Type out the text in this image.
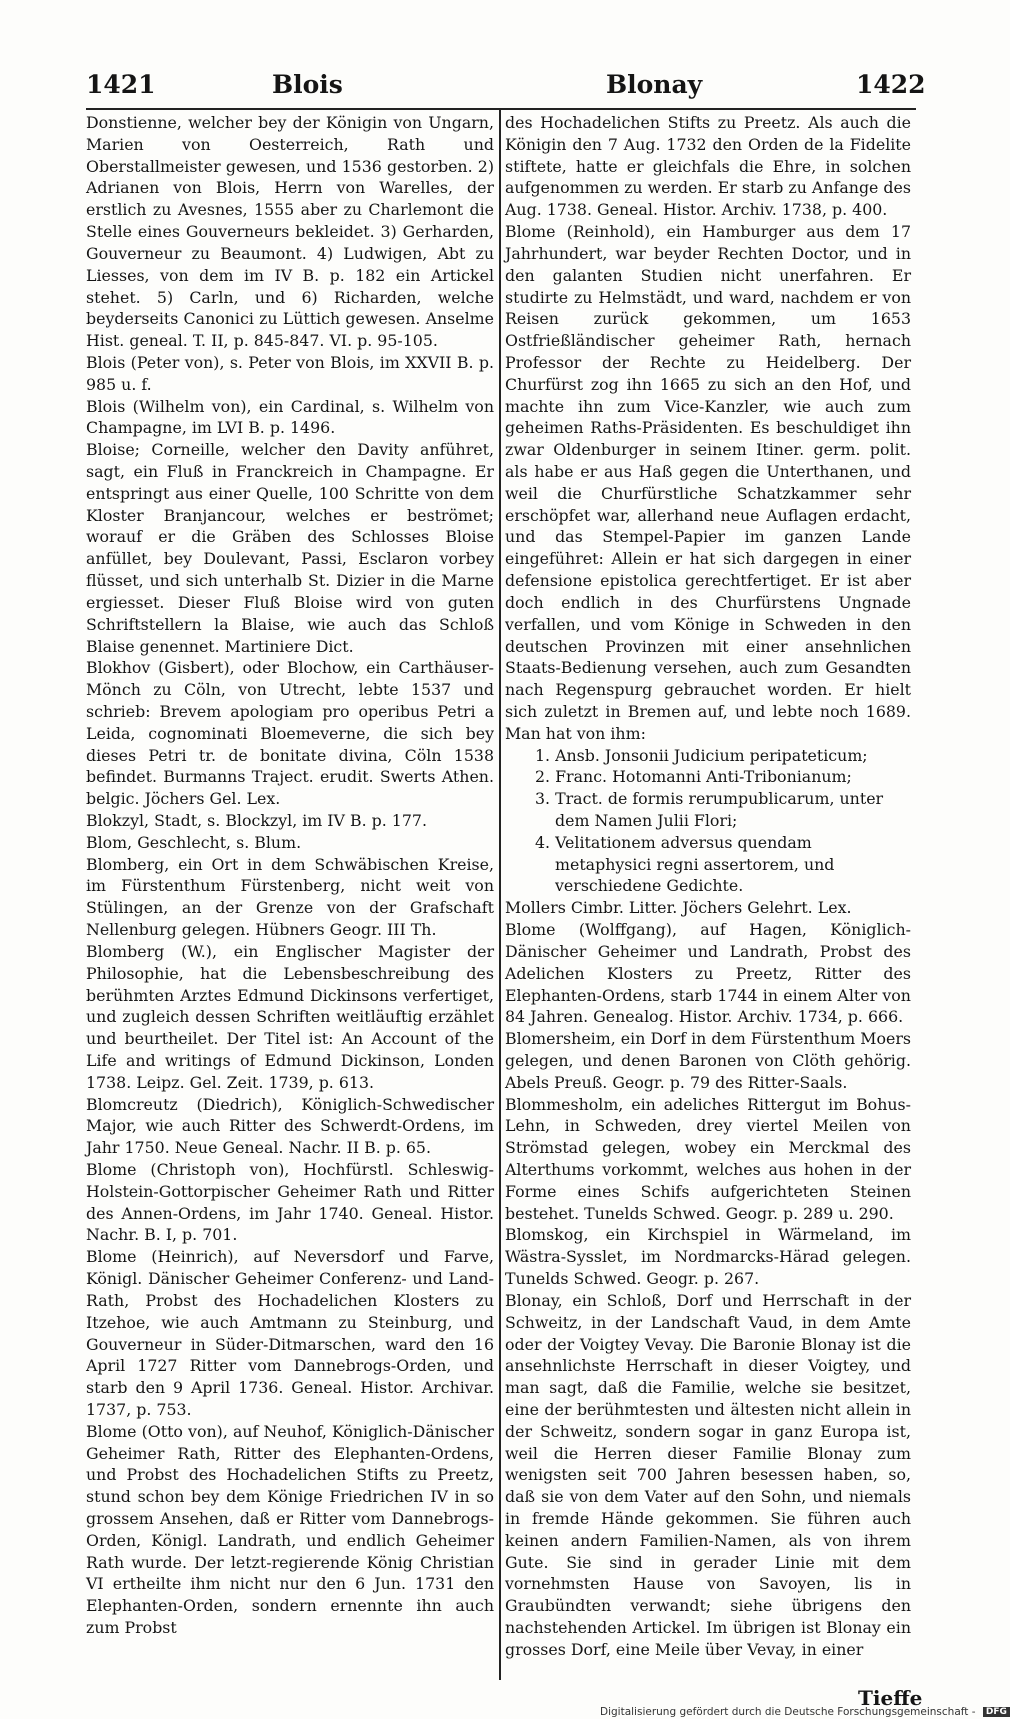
1421	Blois	Blonay	1422

Donstienne, welcher bey der Königin von Ungarn, Marien von Oesterreich, Rath und Oberstallmeister gewesen, und 1536 gestorben. 2) Adrianen von Blois, Herrn von Warelles, der erstlich zu Avesnes, 1555 aber zu Charlemont die Stelle eines Gouverneurs bekleidet. 3) Gerharden, Gouverneur zu Beaumont. 4) Ludwigen, Abt zu Liesses, von dem im IV B. p. 182 ein Artickel stehet. 5) Carln, und 6) Richarden, welche beyderseits Canonici zu Lüttich gewesen. Anselme Hist. geneal. T. II, p. 845-847. VI. p. 95-105.

Blois (Peter von), s. Peter von Blois, im XXVII B. p. 985 u. f.

Blois (Wilhelm von), ein Cardinal, s. Wilhelm von Champagne, im LVI B. p. 1496.

Bloise; Corneille, welcher den Davity anführet, sagt, ein Fluß in Franckreich in Champagne. Er entspringt aus einer Quelle, 100 Schritte von dem Kloster Branjancour, welches er beströmet; worauf er die Gräben des Schlosses Bloise anfüllet, bey Doulevant, Passi, Esclaron vorbey flüsset, und sich unterhalb St. Dizier in die Marne ergiesset. Dieser Fluß Bloise wird von guten Schriftstellern la Blaise, wie auch das Schloß Blaise genennet. Martiniere Dict.

Blokhov (Gisbert), oder Blochow, ein Carthäuser-Mönch zu Cöln, von Utrecht, lebte 1537 und schrieb: Brevem apologiam pro operibus Petri a Leida, cognominati Bloemeverne, die sich bey dieses Petri tr. de bonitate divina, Cöln 1538 befindet. Burmanns Traject. erudit. Swerts Athen. belgic. Jöchers Gel. Lex.

Blokzyl, Stadt, s. Blockzyl, im IV B. p. 177.

Blom, Geschlecht, s. Blum.

Blomberg, ein Ort in dem Schwäbischen Kreise, im Fürstenthum Fürstenberg, nicht weit von Stülingen, an der Grenze von der Grafschaft Nellenburg gelegen. Hübners Geogr. III Th.

Blomberg (W.), ein Englischer Magister der Philosophie, hat die Lebensbeschreibung des berühmten Arztes Edmund Dickinsons verfertiget, und zugleich dessen Schriften weitläuftig erzählet und beurtheilet. Der Titel ist: An Account of the Life and writings of Edmund Dickinson, Londen 1738. Leipz. Gel. Zeit. 1739, p. 613.

Blomcreutz (Diedrich), Königlich-Schwedischer Major, wie auch Ritter des Schwerdt-Ordens, im Jahr 1750. Neue Geneal. Nachr. II B. p. 65.

Blome (Christoph von), Hochfürstl. Schleswig-Holstein-Gottorpischer Geheimer Rath und Ritter des Annen-Ordens, im Jahr 1740. Geneal. Histor. Nachr. B. I, p. 701.

Blome (Heinrich), auf Neversdorf und Farve, Königl. Dänischer Geheimer Conferenz- und Land-Rath, Probst des Hochadelichen Klosters zu Itzehoe, wie auch Amtmann zu Steinburg, und Gouverneur in Süder-Ditmarschen, ward den 16 April 1727 Ritter vom Dannebrogs-Orden, und starb den 9 April 1736. Geneal. Histor. Archivar. 1737, p. 753.

Blome (Otto von), auf Neuhof, Königlich-Dänischer Geheimer Rath, Ritter des Elephanten-Ordens, und Probst des Hochadelichen Stifts zu Preetz, stund schon bey dem Könige Friedrichen IV in so grossem Ansehen, daß er Ritter vom Dannebrogs-Orden, Königl. Landrath, und endlich Geheimer Rath wurde. Der letzt-regierende König Christian VI ertheilte ihm nicht nur den 6 Jun. 1731 den Elephanten-Orden, sondern ernennte ihn auch zum Probst

des Hochadelichen Stifts zu Preetz. Als auch die Königin den 7 Aug. 1732 den Orden de la Fidelite stiftete, hatte er gleichfals die Ehre, in solchen aufgenommen zu werden. Er starb zu Anfange des Aug. 1738. Geneal. Histor. Archiv. 1738, p. 400.

Blome (Reinhold), ein Hamburger aus dem 17 Jahrhundert, war beyder Rechten Doctor, und in den galanten Studien nicht unerfahren. Er studirte zu Helmstädt, und ward, nachdem er von Reisen zurück gekommen, um 1653 Ostfrießländischer geheimer Rath, hernach Professor der Rechte zu Heidelberg. Der Churfürst zog ihn 1665 zu sich an den Hof, und machte ihn zum Vice-Kanzler, wie auch zum geheimen Raths-Präsidenten. Es beschuldiget ihn zwar Oldenburger in seinem Itiner. germ. polit. als habe er aus Haß gegen die Unterthanen, und weil die Churfürstliche Schatzkammer sehr erschöpfet war, allerhand neue Auflagen erdacht, und das Stempel-Papier im ganzen Lande eingeführet: Allein er hat sich dargegen in einer defensione epistolica gerechtfertiget. Er ist aber doch endlich in des Churfürstens Ungnade verfallen, und vom Könige in Schweden in den deutschen Provinzen mit einer ansehnlichen Staats-Bedienung versehen, auch zum Gesandten nach Regenspurg gebrauchet worden. Er hielt sich zuletzt in Bremen auf, und lebte noch 1689. Man hat von ihm:

1. Ansb. Jonsonii Judicium peripateticum;
2. Franc. Hotomanni Anti-Tribonianum;
3. Tract. de formis rerumpublicarum, unter dem Namen Julii Flori;
4. Velitationem adversus quendam metaphysici regni assertorem, und verschiedene Gedichte.

Mollers Cimbr. Litter. Jöchers Gelehrt. Lex.

Blome (Wolffgang), auf Hagen, Königlich-Dänischer Geheimer und Landrath, Probst des Adelichen Klosters zu Preetz, Ritter des Elephanten-Ordens, starb 1744 in einem Alter von 84 Jahren. Genealog. Histor. Archiv. 1734, p. 666.

Blomersheim, ein Dorf in dem Fürstenthum Moers gelegen, und denen Baronen von Clöth gehörig. Abels Preuß. Geogr. p. 79 des Ritter-Saals.

Blommesholm, ein adeliches Rittergut im Bohus-Lehn, in Schweden, drey viertel Meilen von Strömstad gelegen, wobey ein Merckmal des Alterthums vorkommt, welches aus hohen in der Forme eines Schifs aufgerichteten Steinen bestehet. Tunelds Schwed. Geogr. p. 289 u. 290.

Blomskog, ein Kirchspiel in Wärmeland, im Wästra-Sysslet, im Nordmarcks-Härad gelegen. Tunelds Schwed. Geogr. p. 267.

Blonay, ein Schloß, Dorf und Herrschaft in der Schweitz, in der Landschaft Vaud, in dem Amte oder der Voigtey Vevay. Die Baronie Blonay ist die ansehnlichste Herrschaft in dieser Voigtey, und man sagt, daß die Familie, welche sie besitzet, eine der berühmtesten und ältesten nicht allein in der Schweitz, sondern sogar in ganz Europa ist, weil die Herren dieser Familie Blonay zum wenigsten seit 700 Jahren besessen haben, so, daß sie von dem Vater auf den Sohn, und niemals in fremde Hände gekommen. Sie führen auch keinen andern Familien-Namen, als von ihrem Gute. Sie sind in gerader Linie mit dem vornehmsten Hause von Savoyen, lis in Graubündten verwandt; siehe übrigens den nachstehenden Artickel. Im übrigen ist Blonay ein grosses Dorf, eine Meile über Vevay, in einer

Tieffe
Digitalisierung gefördert durch die Deutsche Forschungsgemeinschaft - DFG
